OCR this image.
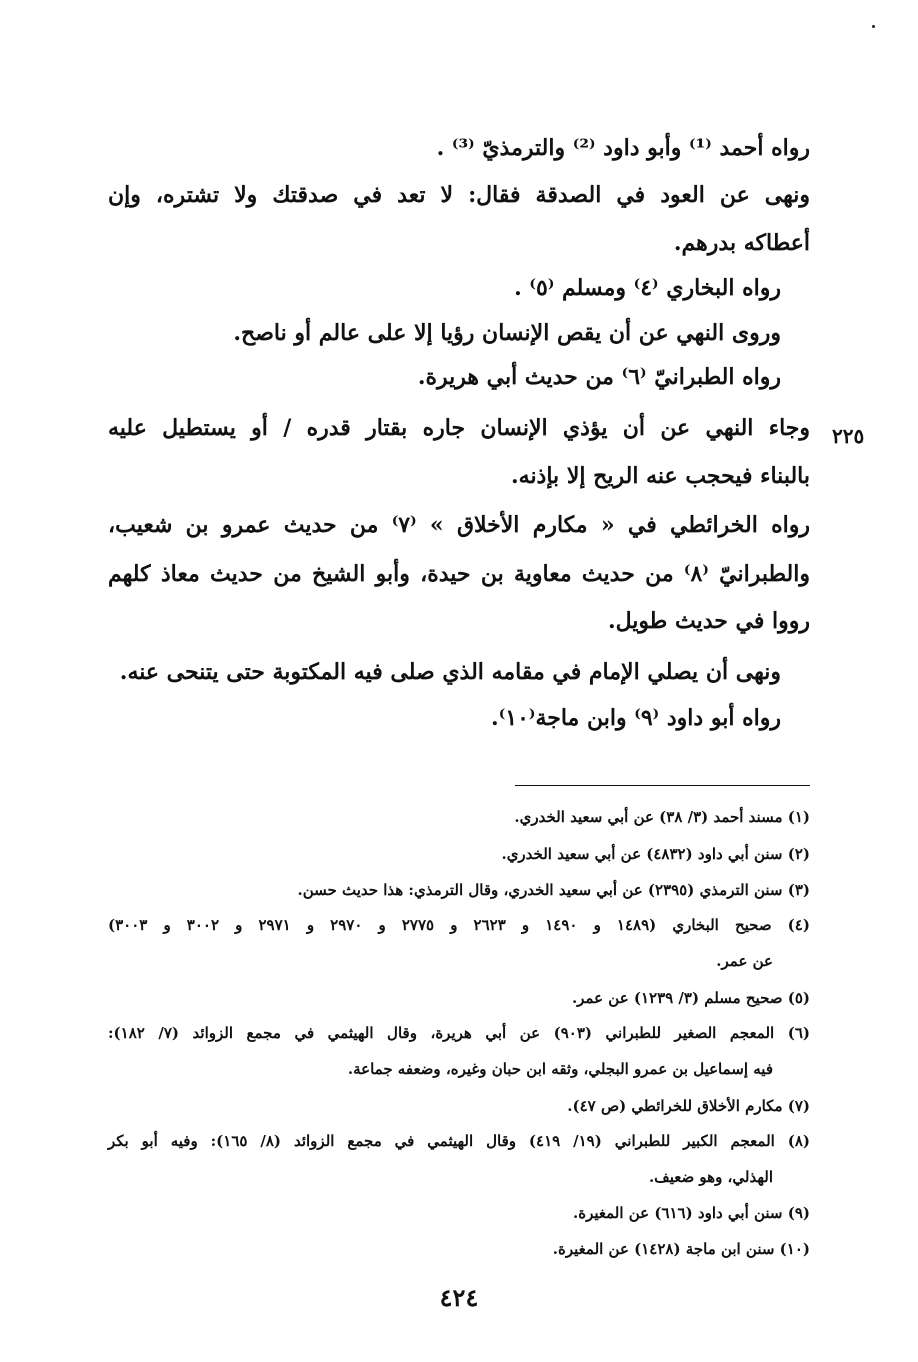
رواه أحمد ⁽¹⁾ وأبو داود ⁽²⁾ والترمذيّ ⁽³⁾ .
ونهى عن العود في الصدقة فقال: لا تعد في صدقتك ولا تشتره، وإن
أعطاكه بدرهم.
رواه البخاري ⁽٤⁾ ومسلم ⁽٥⁾ .
وروى النهي عن أن يقص الإنسان رؤيا إلا على عالم أو ناصح.
رواه الطبرانيّ ⁽٦⁾ من حديث أبي هريرة.
٢٢٥
وجاء النهي عن أن يؤذي الإنسان جاره بقتار قدره / أو يستطيل عليه
بالبناء فيحجب عنه الريح إلا بإذنه.
رواه الخرائطي في « مكارم الأخلاق » ⁽٧⁾ من حديث عمرو بن شعيب،
والطبرانيّ ⁽٨⁾ من حديث معاوية بن حيدة، وأبو الشيخ من حديث معاذ كلهم
رووا في حديث طويل.
ونهى أن يصلي الإمام في مقامه الذي صلى فيه المكتوبة حتى يتنحى عنه.
رواه أبو داود ⁽٩⁾ وابن ماجة⁽١٠⁾.
(١) مسند أحمد (٣/ ٣٨) عن أبي سعيد الخدري.
(٢) سنن أبي داود (٤٨٣٢) عن أبي سعيد الخدري.
(٣) سنن الترمذي (٢٣٩٥) عن أبي سعيد الخدري، وقال الترمذي: هذا حديث حسن.
(٤) صحيح البخاري (١٤٨٩ و ١٤٩٠ و ٢٦٢٣ و ٢٧٧٥ و ٢٩٧٠ و ٢٩٧١ و ٣٠٠٢ و ٣٠٠٣)
عن عمر.
(٥) صحيح مسلم (٣/ ١٢٣٩) عن عمر.
(٦) المعجم الصغير للطبراني (٩٠٣) عن أبي هريرة، وقال الهيثمي في مجمع الزوائد (٧/ ١٨٢):
فيه إسماعيل بن عمرو البجلي، وثقه ابن حبان وغيره، وضعفه جماعة.
(٧) مكارم الأخلاق للخرائطي (ص ٤٧).
(٨) المعجم الكبير للطبراني (١٩/ ٤١٩) وقال الهيثمي في مجمع الزوائد (٨/ ١٦٥): وفيه أبو بكر
الهذلي، وهو ضعيف.
(٩) سنن أبي داود (٦١٦) عن المغيرة.
(١٠) سنن ابن ماجة (١٤٢٨) عن المغيرة.
٤٢٤
